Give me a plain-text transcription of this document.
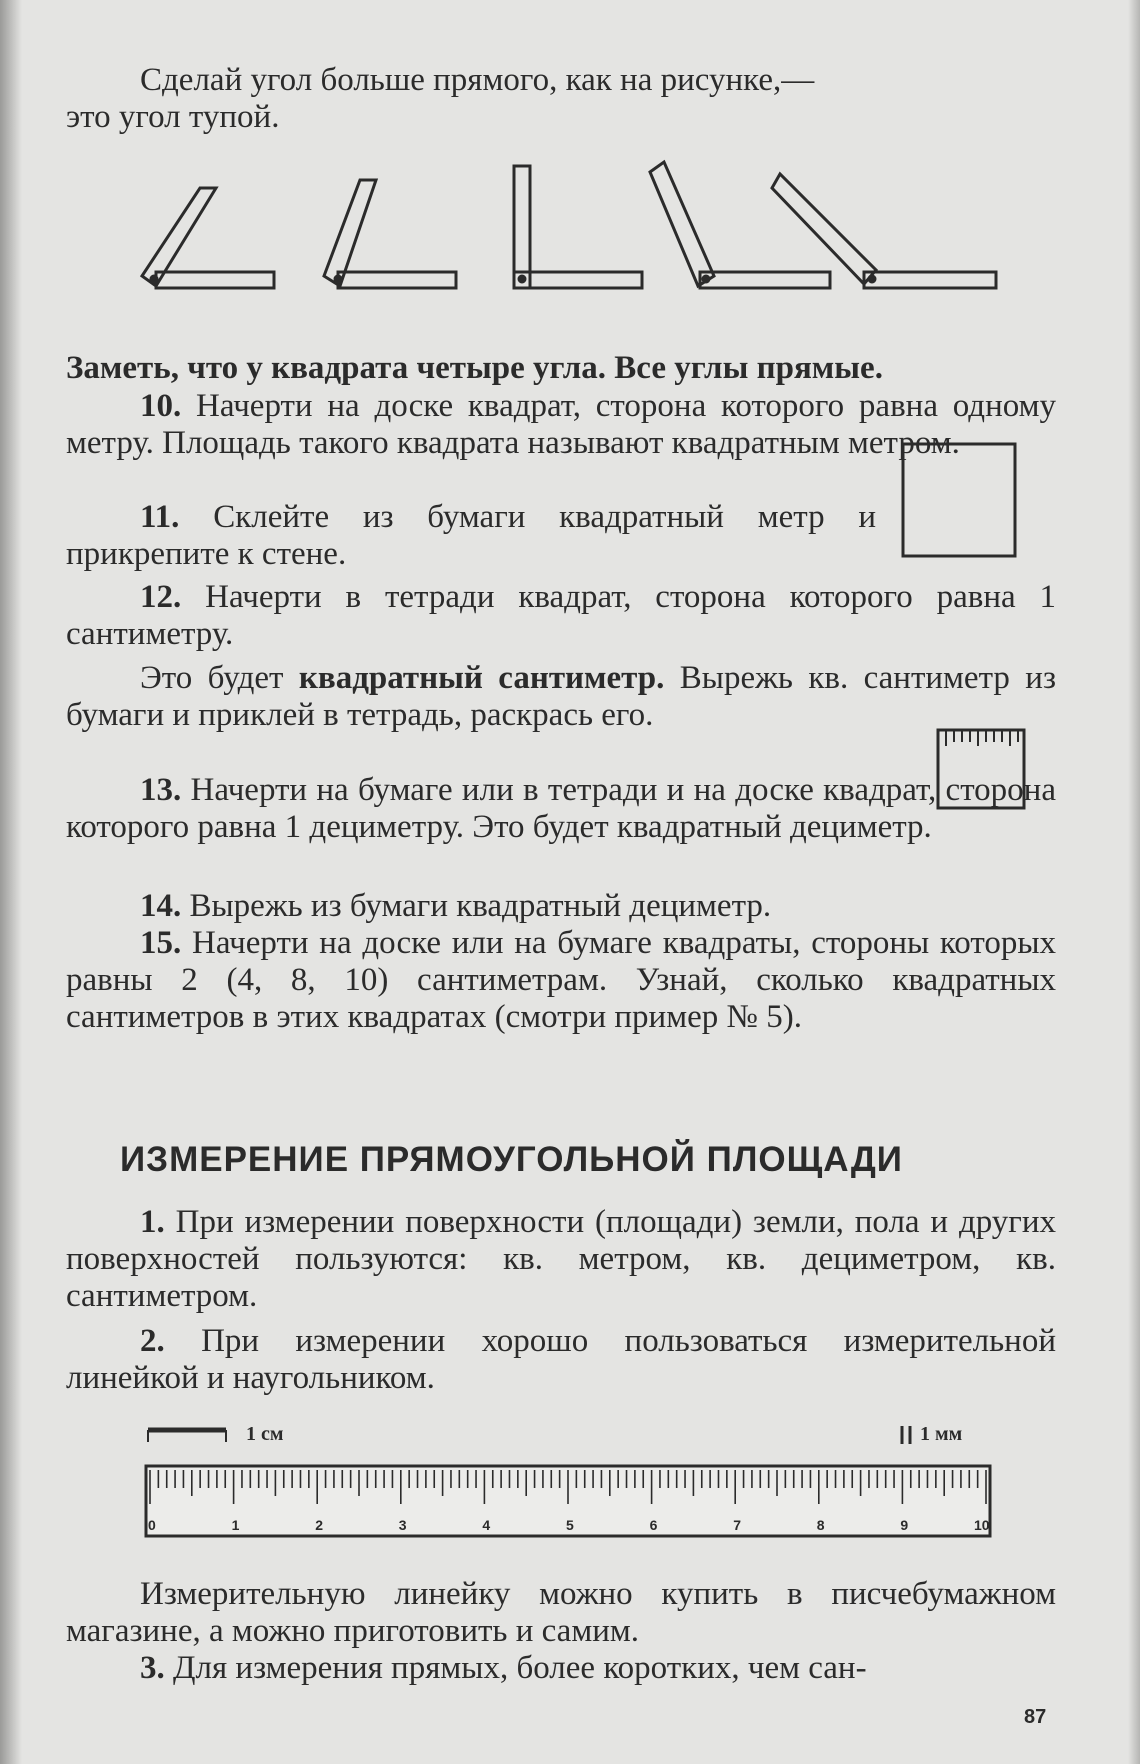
Сделай угол больше прямого, как на рисунке,—

это угол тупой.

Заметь, что у квадрата четыре угла. Все углы прямые.

10. Начерти на доске квадрат, сторона которого равна одному метру. Площадь такого квадрата называют квадратным метром.

11. Склейте из бумаги квадратный метр и прикрепите к стене.

12. Начерти в тетради квадрат, сторона которого равна 1 сантиметру.

Это будет квадратный сантиметр. Вырежь кв. сантиметр из бумаги и приклей в тетрадь, раскрась его.

13. Начерти на бумаге или в тетради и на доске квадрат, сторона которого равна 1 дециметру. Это будет квадратный дециметр.

14. Вырежь из бумаги квадратный дециметр.

15. Начерти на доске или на бумаге квадраты, стороны которых равны 2 (4, 8, 10) сантиметрам. Узнай, сколько квадратных сантиметров в этих квадратах (смотри пример № 5).

ИЗМЕРЕНИЕ ПРЯМОУГОЛЬНОЙ ПЛОЩАДИ

1. При измерении поверхности (площади) земли, пола и других поверхностей пользуются: кв. метром, кв. дециметром, кв. сантиметром.

2. При измерении хорошо пользоваться измерительной линейкой и наугольником.

1 см	1 мм
0	1	2	3	4	5	6	7	8	9	10

Измерительную линейку можно купить в писчебумажном магазине, а можно приготовить и самим.

3. Для измерения прямых, более коротких, чем сан-

87
